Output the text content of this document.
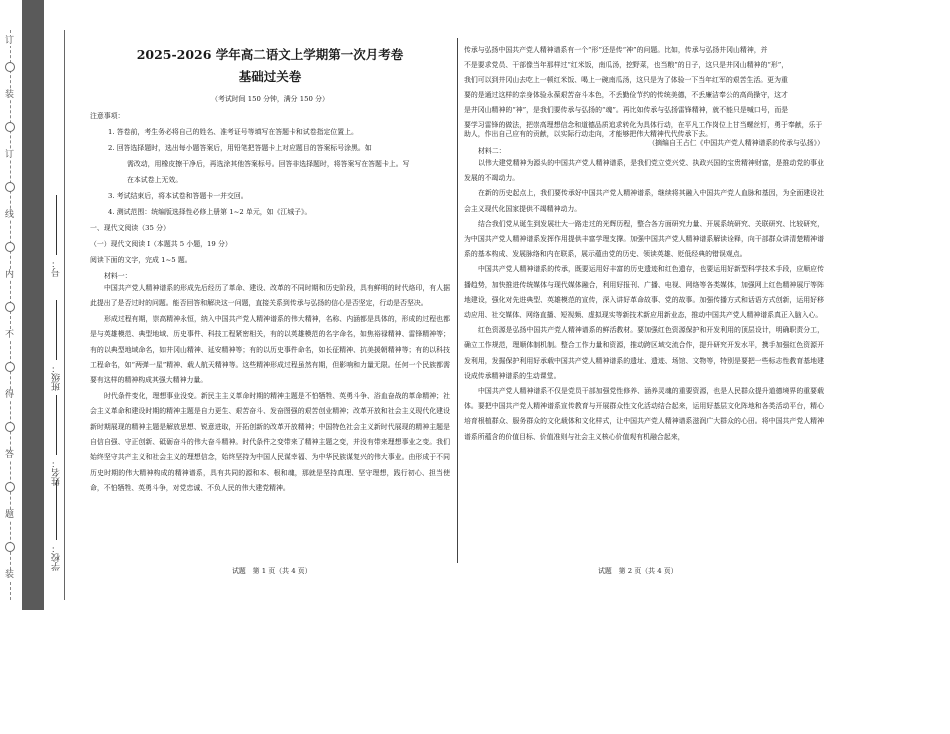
装
订
线
内
不
得
答
题
装
订
号：
班级：
姓名：
学校：
2025-2026 学年高二语文上学期第一次月考卷
基础过关卷
（考试时间 150 分钟，满分 150 分）
注意事项：
1. 答卷前，考生务必将自己的姓名、准考证号等填写在答题卡和试卷指定位置上。
2. 回答选择题时，选出每小题答案后，用铅笔把答题卡上对应题目的答案标号涂黑。如
需改动，用橡皮擦干净后，再选涂其他答案标号。回答非选择题时，将答案写在答题卡上。写
在本试卷上无效。
3. 考试结束后，将本试卷和答题卡一并交回。
4. 测试范围：统编版选择性必修上册第 1~2 单元，如《江城子》。
一、现代文阅读（35 分）
（一）现代文阅读 I（本题共 5 小题，19 分）
阅读下面的文字，完成 1~5 题。
材料一：
中国共产党人精神谱系的形成先后经历了革命、建设、改革的不同时期和历史阶段，具有鲜明的时代烙印，有人据此提出了是否过时的问题。能否回答和解决这一问题，直接关系到传承与弘扬的信心是否坚定，行动是否坚决。
形成过程有期，崇高精神永恒，纳入中国共产党人精神谱系的伟大精神，名称、内涵都是具体的，形成的过程也都是与英雄模范、典型地域、历史事件、科技工程紧密相关，有的以英雄模范的名字命名，如焦裕禄精神、雷锋精神等；有的以典型地域命名，如井冈山精神、延安精神等；有的以历史事件命名，如长征精神、抗美援朝精神等；有的以科技工程命名，如“两弹一星”精神、载人航天精神等。这些精神形成过程虽然有期，但影响和力量无限。任何一个民族都需要有这样的精神构成其强大精神力量。
时代条件变化，理想事业没变。新民主主义革命时期的精神主题是不怕牺牲、英勇斗争、浴血奋战的革命精神；社会主义革命和建设时期的精神主题是自力更生、艰苦奋斗、发奋图强的艰苦创业精神；改革开放和社会主义现代化建设新时期展现的精神主题是解放思想、锐意进取，开拓创新的改革开放精神；中国特色社会主义新时代展现的精神主题是自信自强、守正创新、砥砺奋斗的伟大奋斗精神。时代条件之变带来了精神主题之变，并没有带来理想事业之变。我们始终坚守共产主义和社会主义的理想信念，始终坚持为中国人民谋幸福、为中华民族谋复兴的伟大事业。由形成于不同历史时期的伟大精神构成的精神谱系，具有共同的源和本、根和魂，那就是坚持真理、坚守理想，践行初心、担当使命，不怕牺牲、英勇斗争，对党忠诚、不负人民的伟大建党精神。
传承与弘扬中国共产党人精神谱系有一个“形”还是传“神”的问题。比如，传承与弘扬井冈山精神，并
不是要求党员、干部像当年那样过“红米饭，南瓜汤，挖野菜，也当粮”的日子，这只是井冈山精神的“形”，
我们可以到井冈山去吃上一顿红米饭、喝上一碗南瓜汤，这只是为了体验一下当年红军的艰苦生活。更为重
要的是通过这样的亲身体验永葆艰苦奋斗本色，不丢勤俭节约的传统美德，不丢廉洁奉公的高尚操守，这才
是井冈山精神的“神”，是我们要传承与弘扬的“魂”。再比如传承与弘扬雷锋精神，就不能只是喊口号，而是
要学习雷锋的做法，把崇高理想信念和道德品质追求转化为具体行动，在平凡工作岗位上甘当螺丝钉，勇于奉献，乐于助人，作出自己应有的贡献，以实际行动走向，才能够把伟大精神代代传承下去。
（摘编自王占仁《中国共产党人精神谱系的传承与弘扬》）
材料二：
以伟大建党精神为源头的中国共产党人精神谱系，是我们党立党兴党、执政兴国的宝贵精神财富，是推动党的事业发展的不竭动力。
在新的历史起点上，我们要传承好中国共产党人精神谱系，继续将其融入中国共产党人血脉和基因，为全面建设社会主义现代化国家提供不竭精神动力。
结合我们党从诞生到发展壮大一路走过的光辉历程，整合各方面研究力量、开展系统研究、关联研究、比较研究，为中国共产党人精神谱系发挥作用提供丰富学理支撑。加强中国共产党人精神谱系解读诠释，向干部群众讲清楚精神谱系的基本构成、发展脉络和内在联系，展示蕴由党的历史、领读英雄、贬低经典的错误观点。
中国共产党人精神谱系的传承，既要运用好丰富的历史遗迹和红色遗存，也要运用好新型科学技术手段，应顺应传播趋势，加快推进传统媒体与现代媒体融合，利用好报刊、广播、电视、网络等各类媒体，加强网上红色精神展厅等阵地建设，强化对先进典型、英雄模范的宣传，深入讲好革命故事、党的故事。加强传播方式和话语方式创新，运用好移动应用、社交媒体、网络直播、短视频、虚拟现实等新技术新应用新业态，推动中国共产党人精神谱系真正入脑入心。
红色资源是弘扬中国共产党人精神谱系的鲜活教材。要加强红色资源保护和开发利用的顶层设计，明确职责分工，确立工作规范，理顺体制机制。整合工作力量和资源，推动跨区域交流合作，提升研究开发水平，携手加强红色资源开发利用，发掘保护利用好承载中国共产党人精神谱系的遗址、遗迹、场馆、文物等，特别是要把一些标志性教育基地建设成传承精神谱系的生动课堂。
中国共产党人精神谱系不仅是党员干部加强党性修养、涵养灵魂的重要资源，也是人民群众提升道德境界的重要载体。要把中国共产党人精神谱系宣传教育与开展群众性文化活动结合起来，运用好基层文化阵地和各类活动平台，精心培育根植群众、服务群众的文化载体和文化样式，让中国共产党人精神谱系滋润广大群众的心田。将中国共产党人精神谱系所蕴含的价值目标、价值准则与社会主义核心价值观有机融合起来，
试题　第 1 页（共 4 页）	试题　第 2 页（共 4 页）
